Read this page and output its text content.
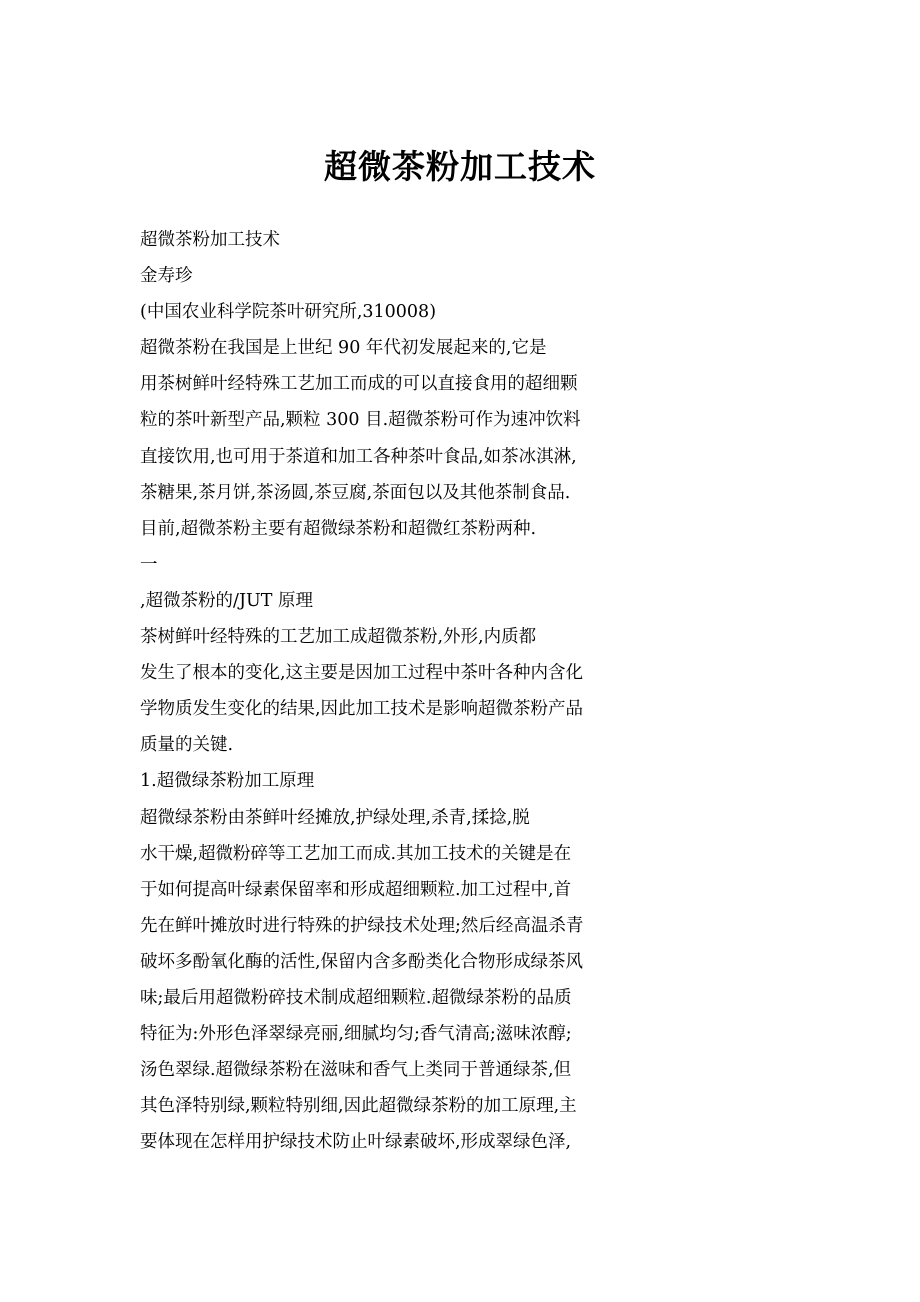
超微茶粉加工技术
超微茶粉加工技术
金寿珍
(中国农业科学院茶叶研究所,310008)
超微茶粉在我国是上世纪 90 年代初发展起来的,它是
用茶树鲜叶经特殊工艺加工而成的可以直接食用的超细颗
粒的茶叶新型产品,颗粒 300 目.超微茶粉可作为速冲饮料
直接饮用,也可用于茶道和加工各种茶叶食品,如茶冰淇淋,
茶糖果,茶月饼,茶汤圆,茶豆腐,茶面包以及其他茶制食品.
目前,超微茶粉主要有超微绿茶粉和超微红茶粉两种.
一
,超微茶粉的/JUT 原理
茶树鲜叶经特殊的工艺加工成超微茶粉,外形,内质都
发生了根本的变化,这主要是因加工过程中茶叶各种内含化
学物质发生变化的结果,因此加工技术是影响超微茶粉产品
质量的关键.
1.超微绿茶粉加工原理
超微绿茶粉由茶鲜叶经摊放,护绿处理,杀青,揉捻,脱
水干燥,超微粉碎等工艺加工而成.其加工技术的关键是在
于如何提高叶绿素保留率和形成超细颗粒.加工过程中,首
先在鲜叶摊放时进行特殊的护绿技术处理;然后经高温杀青
破坏多酚氧化酶的活性,保留内含多酚类化合物形成绿茶风
味;最后用超微粉碎技术制成超细颗粒.超微绿茶粉的品质
特征为:外形色泽翠绿亮丽,细腻均匀;香气清高;滋味浓醇;
汤色翠绿.超微绿茶粉在滋味和香气上类同于普通绿茶,但
其色泽特别绿,颗粒特别细,因此超微绿茶粉的加工原理,主
要体现在怎样用护绿技术防止叶绿素破坏,形成翠绿色泽,
